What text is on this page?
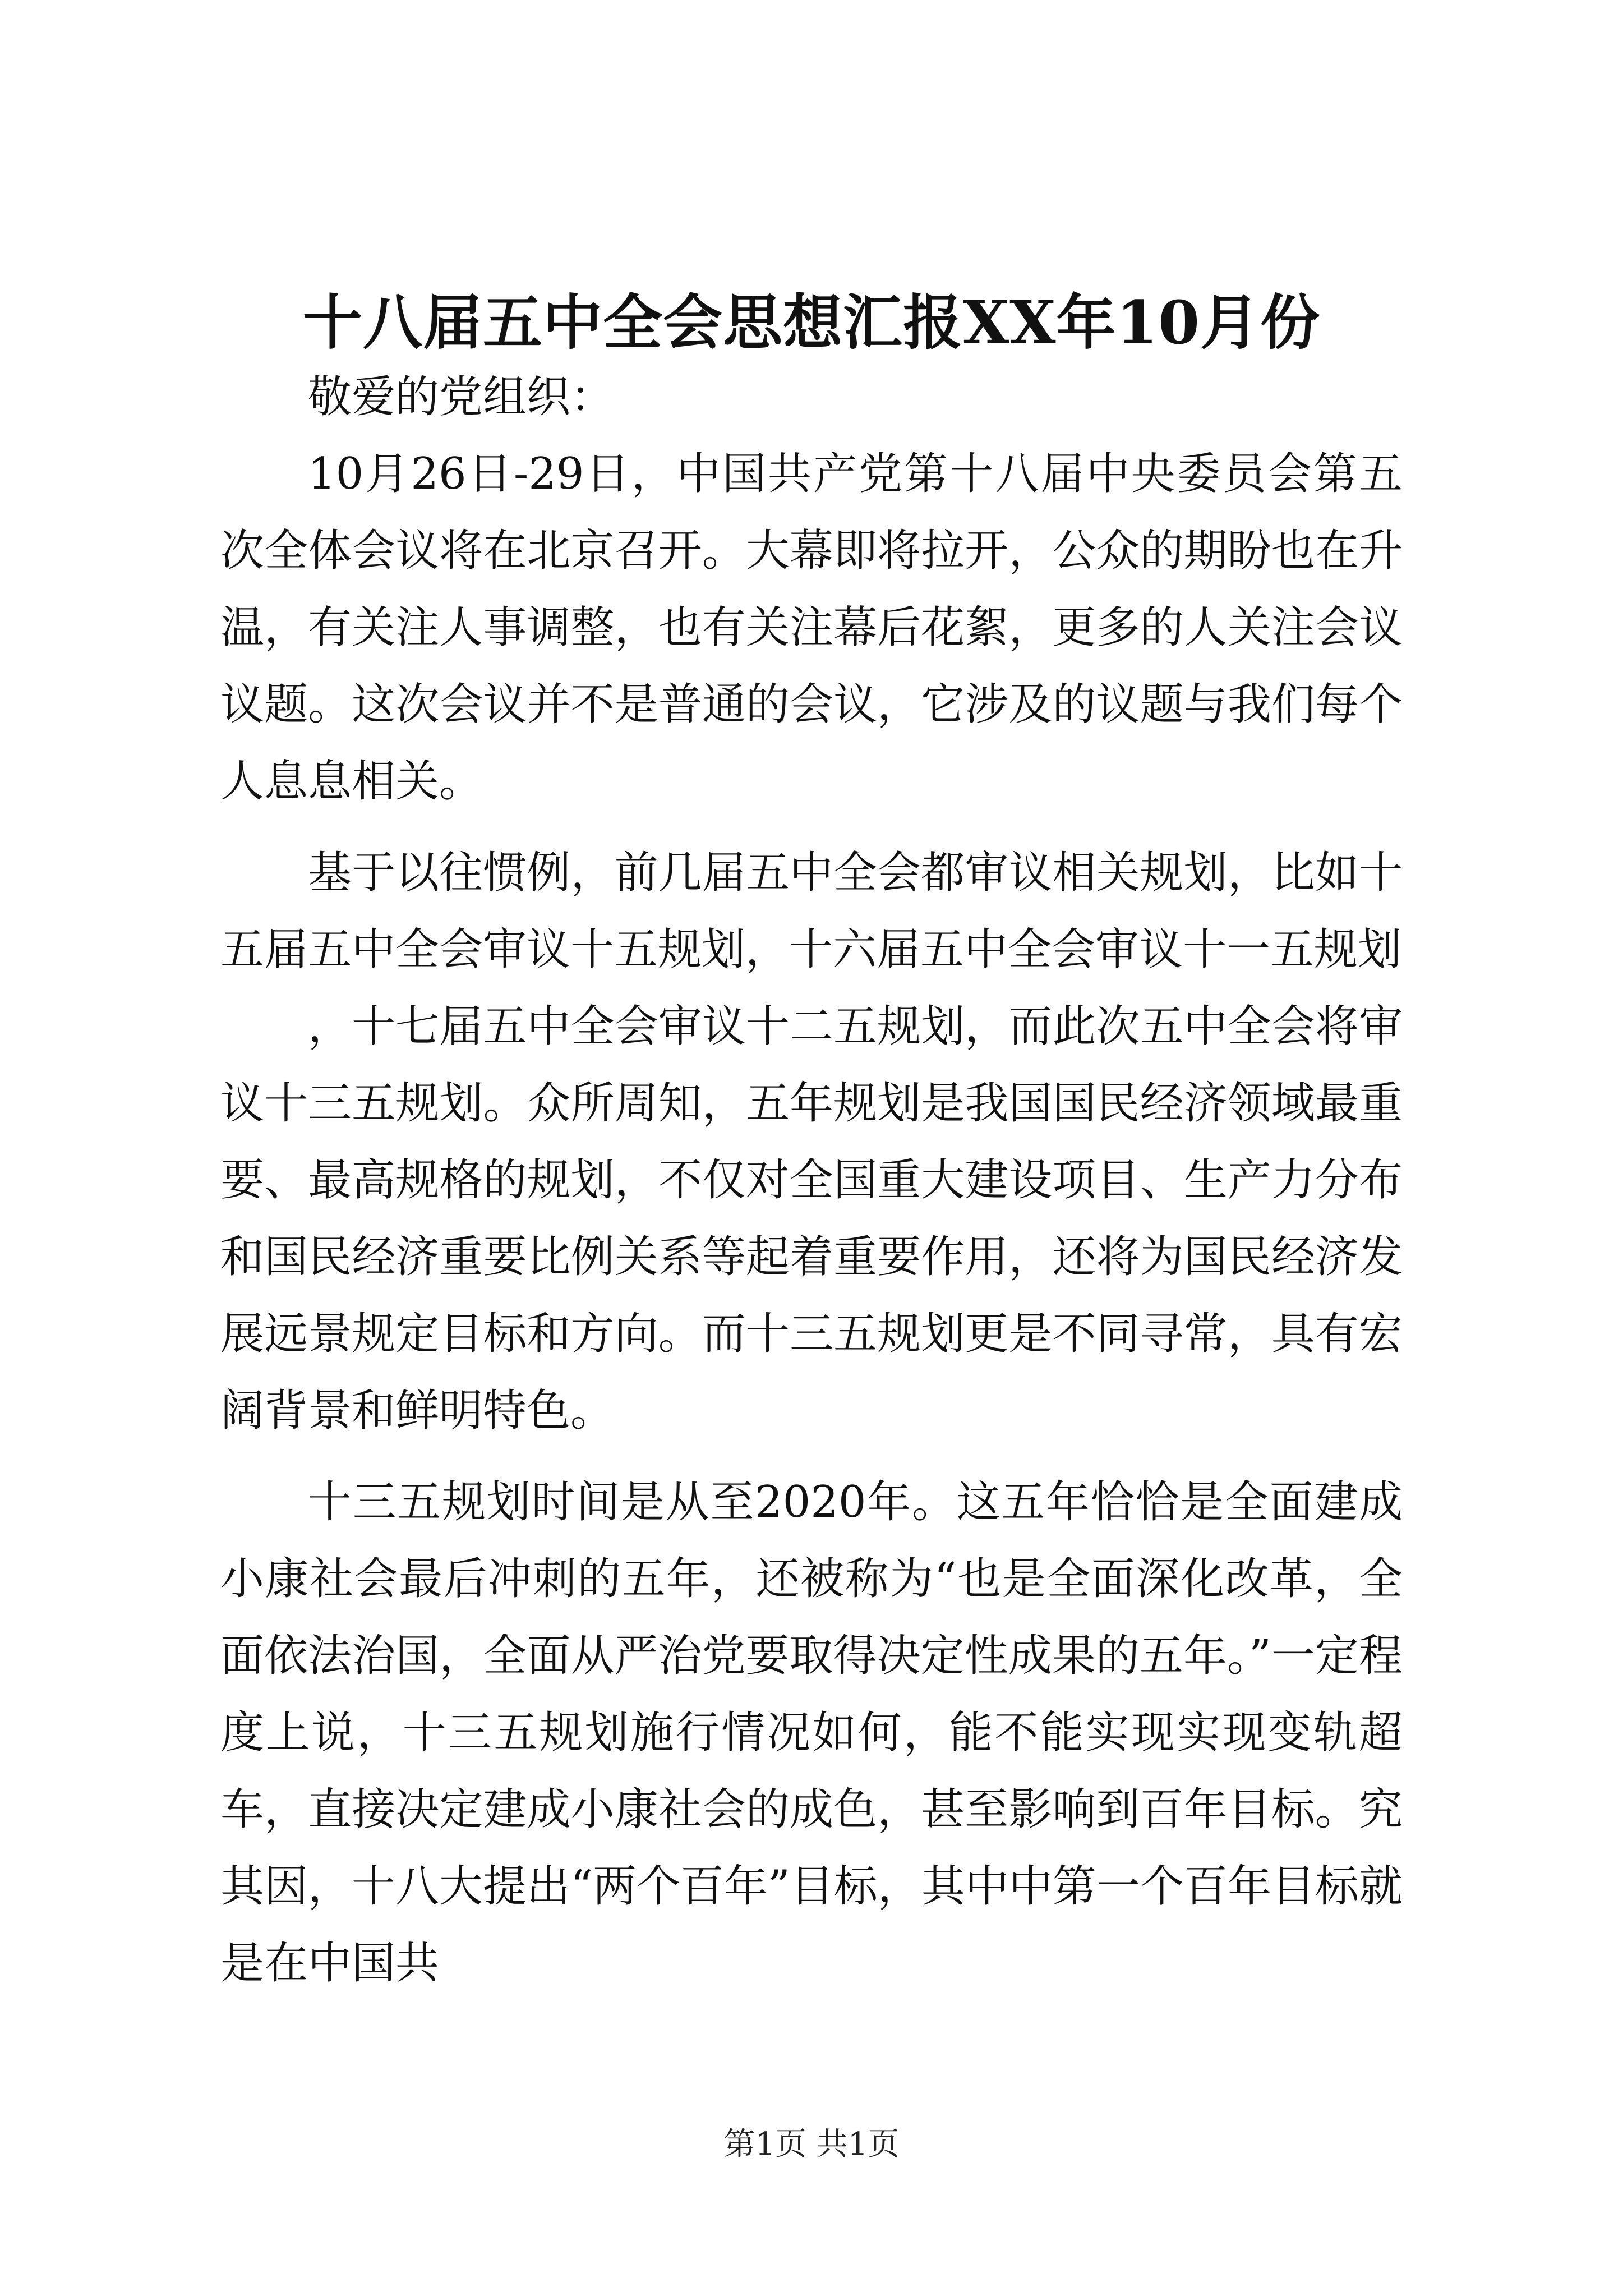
十八届五中全会思想汇报XX年10月份

敬爱的党组织：

10月26日-29日，中国共产党第十八届中央委员会第五次全体会议将在北京召开。大幕即将拉开，公众的期盼也在升温，有关注人事调整，也有关注幕后花絮，更多的人关注会议议题。这次会议并不是普通的会议，它涉及的议题与我们每个人息息相关。

基于以往惯例，前几届五中全会都审议相关规划，比如十五届五中全会审议十五规划，十六届五中全会审议十一五规划

，十七届五中全会审议十二五规划，而此次五中全会将审议十三五规划。众所周知，五年规划是我国国民经济领域最重要、最高规格的规划，不仅对全国重大建设项目、生产力分布和国民经济重要比例关系等起着重要作用，还将为国民经济发展远景规定目标和方向。而十三五规划更是不同寻常，具有宏阔背景和鲜明特色。

十三五规划时间是从至2020年。这五年恰恰是全面建成小康社会最后冲刺的五年，还被称为“也是全面深化改革，全面依法治国，全面从严治党要取得决定性成果的五年。”一定程度上说，十三五规划施行情况如何，能不能实现实现变轨超车，直接决定建成小康社会的成色，甚至影响到百年目标。究其因，十八大提出“两个百年”目标，其中中第一个百年目标就是在中国共

第1页 共1页
